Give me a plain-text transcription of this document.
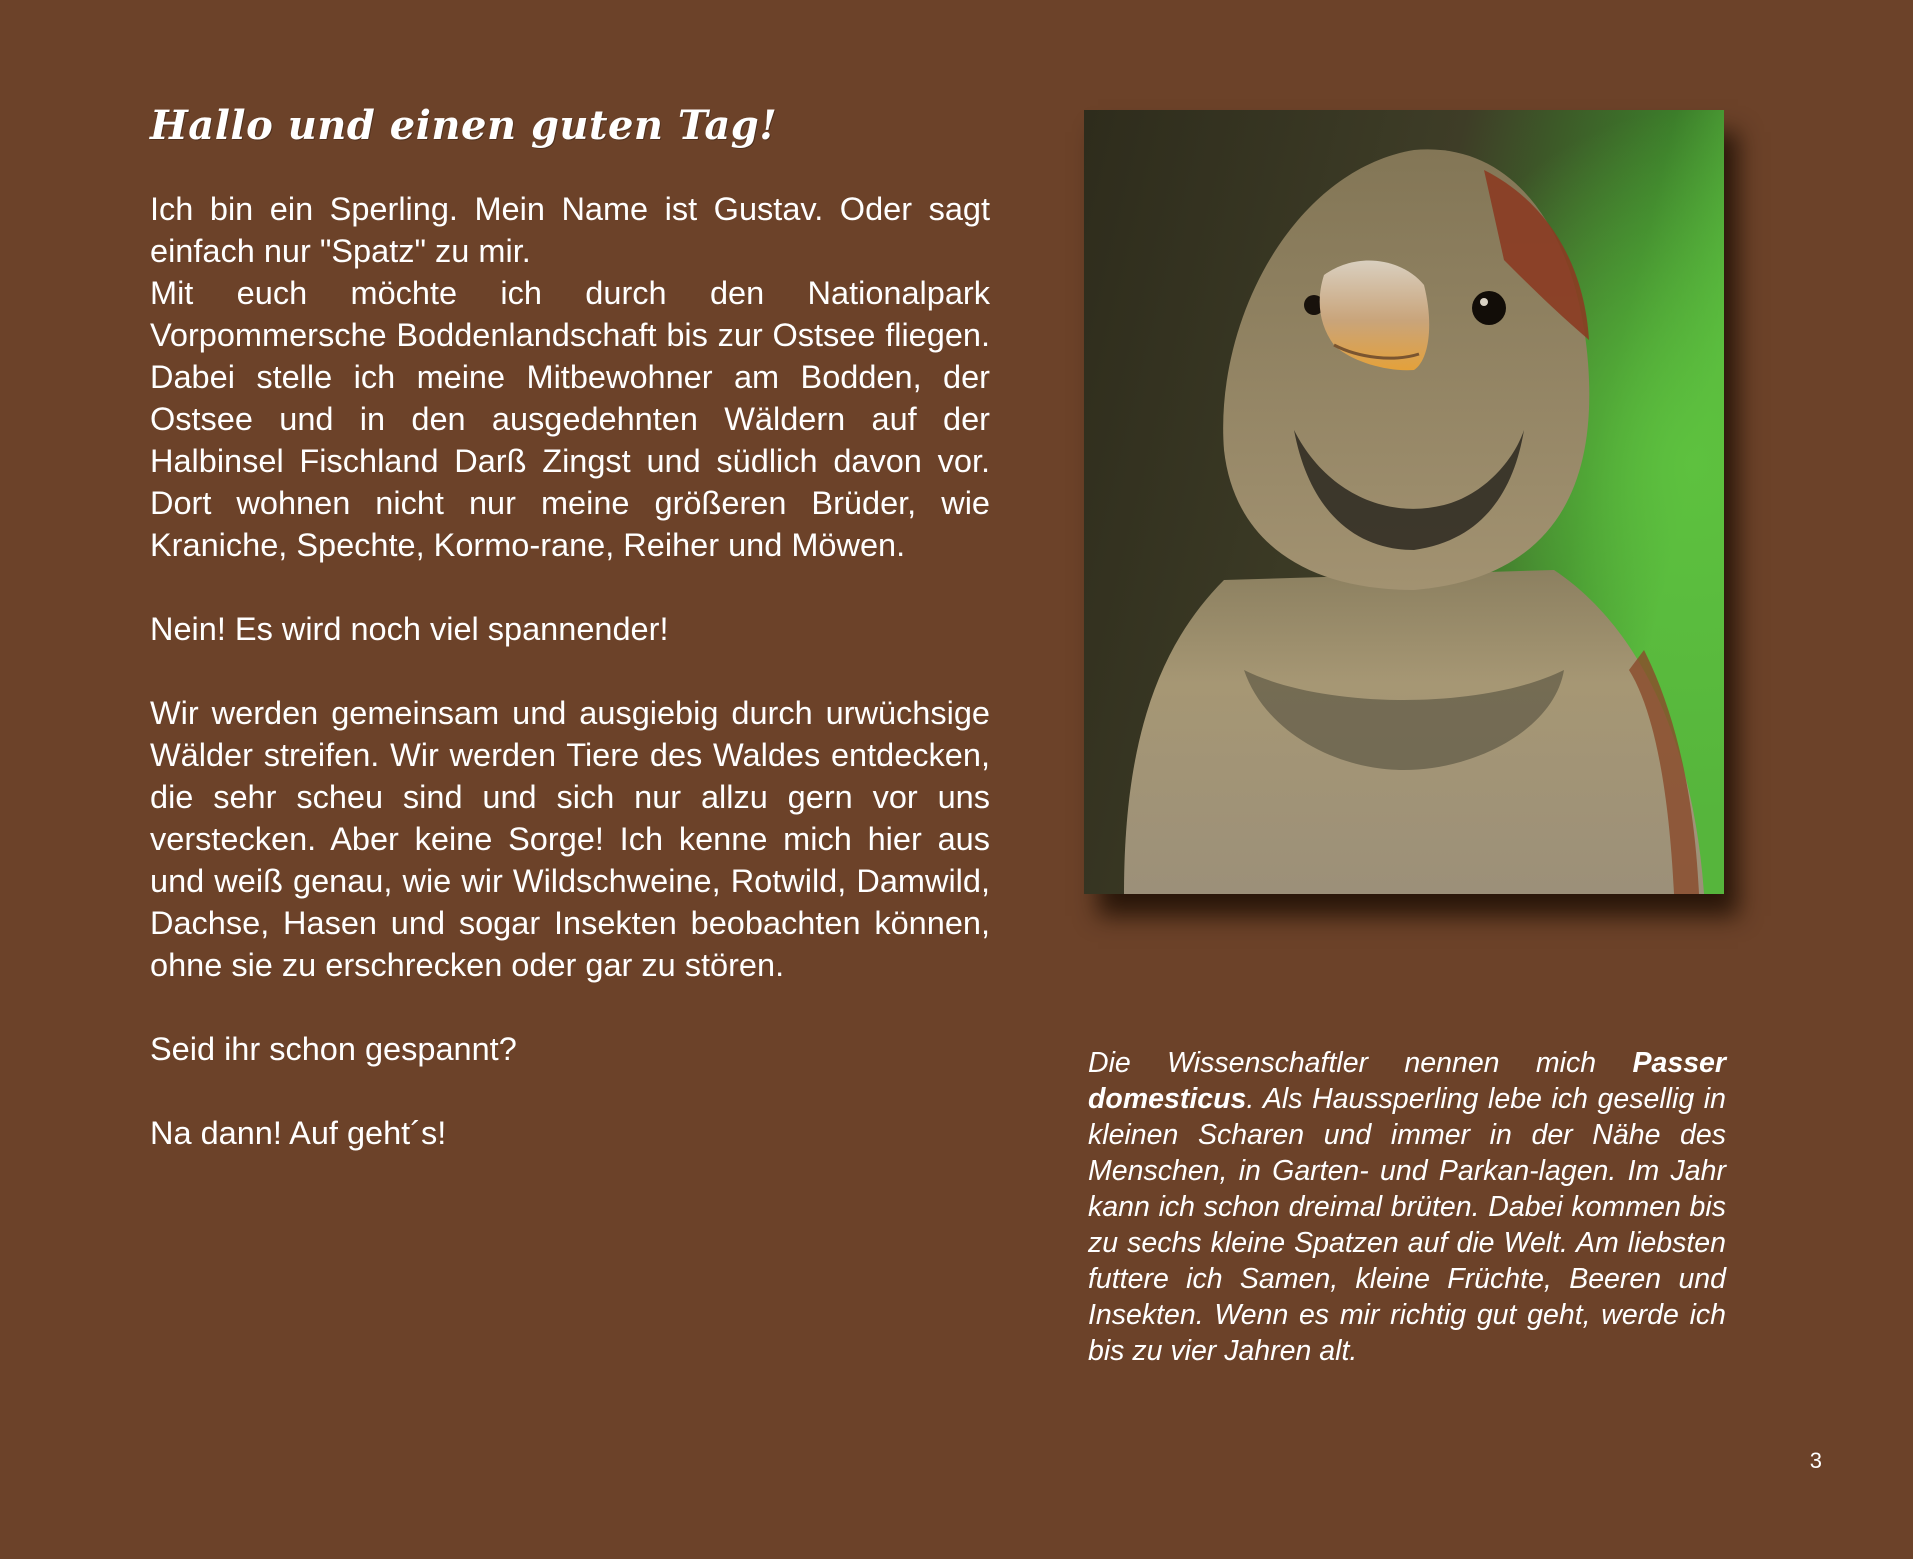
Hallo und einen guten Tag!

Ich bin ein Sperling. Mein Name ist Gustav. Oder sagt einfach nur "Spatz" zu mir.
Mit euch möchte ich durch den Nationalpark Vorpommersche Boddenlandschaft bis zur Ostsee fliegen. Dabei stelle ich meine Mitbewohner am Bodden, der Ostsee und in den ausgedehnten Wäldern auf der Halbinsel Fischland Darß Zingst und südlich davon vor. Dort wohnen nicht nur meine größeren Brüder, wie Kraniche, Spechte, Kormo-rane, Reiher und Möwen.

Nein! Es wird noch viel spannender!

Wir werden gemeinsam und ausgiebig durch urwüchsige Wälder streifen. Wir werden Tiere des Waldes entdecken, die sehr scheu sind und sich nur allzu gern vor uns verstecken. Aber keine Sorge! Ich kenne mich hier aus und weiß genau, wie wir Wildschweine, Rotwild, Damwild, Dachse, Hasen und sogar Insekten beobachten können, ohne sie zu erschrecken oder gar zu stören.

Seid ihr schon gespannt?

Na dann! Auf geht´s!

Die Wissenschaftler nennen mich Passer domesticus. Als Haussperling lebe ich gesellig in kleinen Scharen und immer in der Nähe des Menschen, in Garten- und Parkan-lagen. Im Jahr kann ich schon dreimal brüten. Dabei kommen bis zu sechs kleine Spatzen auf die Welt. Am liebsten futtere ich Samen, kleine Früchte, Beeren und Insekten. Wenn es mir richtig gut geht, werde ich bis zu vier Jahren alt.

3
